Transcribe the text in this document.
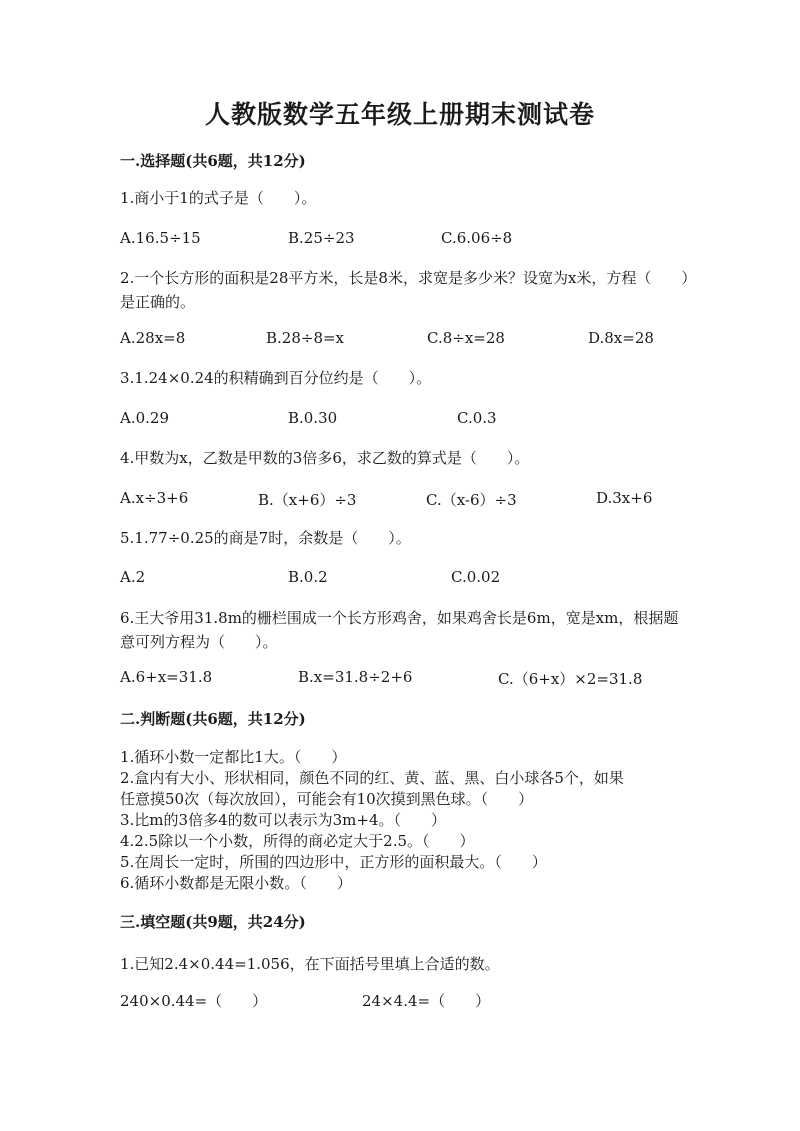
人教版数学五年级上册期末测试卷
一.选择题(共6题，共12分)
1.商小于1的式子是（　　）。
A.16.5÷15	B.25÷23	C.6.06÷8
2.一个长方形的面积是28平方米，长是8米，求宽是多少米？设宽为x米，方程（　　）是正确的。
A.28x=8	B.28÷8=x	C.8÷x=28	D.8x=28
3.1.24×0.24的积精确到百分位约是（　　）。
A.0.29	B.0.30	C.0.3
4.甲数为x，乙数是甲数的3倍多6，求乙数的算式是（　　）。
A.x÷3+6	B.（x+6）÷3	C.（x-6）÷3	D.3x+6
5.1.77÷0.25的商是7时，余数是（　　）。
A.2	B.0.2	C.0.02
6.王大爷用31.8m的栅栏围成一个长方形鸡舍，如果鸡舍长是6m，宽是xm，根据题意可列方程为（　　）。
A.6+x=31.8	B.x=31.8÷2+6	C.（6+x）×2=31.8
二.判断题(共6题，共12分)
1.循环小数一定都比1大。（　　）
2.盒内有大小、形状相同，颜色不同的红、黄、蓝、黑、白小球各5个，如果
任意摸50次（每次放回），可能会有10次摸到黑色球。（　　）
3.比m的3倍多4的数可以表示为3m+4。（　　）
4.2.5除以一个小数，所得的商必定大于2.5。（　　）
5.在周长一定时，所围的四边形中，正方形的面积最大。（　　）
6.循环小数都是无限小数。（　　）
三.填空题(共9题，共24分)
1.已知2.4×0.44=1.056，在下面括号里填上合适的数。
240×0.44=（　　）	24×4.4=（　　）
